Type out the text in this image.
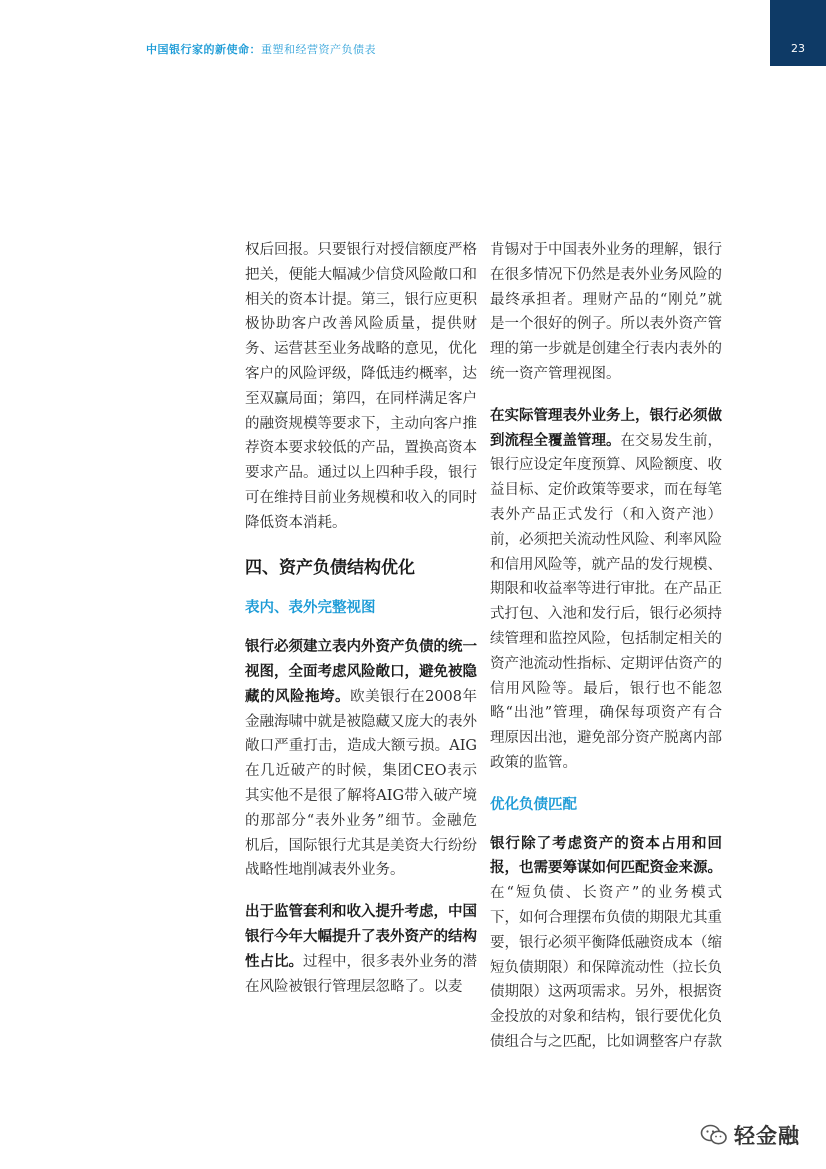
中国银行家的新使命：重塑和经营资产负债表	23

权后回报。只要银行对授信额度严格把关，便能大幅减少信贷风险敞口和相关的资本计提。第三，银行应更积极协助客户改善风险质量，提供财务、运营甚至业务战略的意见，优化客户的风险评级，降低违约概率，达至双赢局面；第四，在同样满足客户的融资规模等要求下，主动向客户推荐资本要求较低的产品，置换高资本要求产品。通过以上四种手段，银行可在维持目前业务规模和收入的同时降低资本消耗。

四、资产负债结构优化
表内、表外完整视图

银行必须建立表内外资产负债的统一视图，全面考虑风险敞口，避免被隐藏的风险拖垮。欧美银行在2008年金融海啸中就是被隐藏又庞大的表外敞口严重打击，造成大额亏损。AIG在几近破产的时候，集团CEO表示其实他不是很了解将AIG带入破产境的那部分“表外业务”细节。金融危机后，国际银行尤其是美资大行纷纷战略性地削减表外业务。

出于监管套利和收入提升考虑，中国银行今年大幅提升了表外资产的结构性占比。过程中，很多表外业务的潜在风险被银行管理层忽略了。以麦

肯锡对于中国表外业务的理解，银行在很多情况下仍然是表外业务风险的最终承担者。理财产品的“刚兑”就是一个很好的例子。所以表外资产管理的第一步就是创建全行表内表外的统一资产管理视图。

在实际管理表外业务上，银行必须做到流程全覆盖管理。在交易发生前，银行应设定年度预算、风险额度、收益目标、定价政策等要求，而在每笔表外产品正式发行（和入资产池）前，必须把关流动性风险、利率风险和信用风险等，就产品的发行规模、期限和收益率等进行审批。在产品正式打包、入池和发行后，银行必须持续管理和监控风险，包括制定相关的资产池流动性指标、定期评估资产的信用风险等。最后，银行也不能忽略“出池”管理，确保每项资产有合理原因出池，避免部分资产脱离内部政策的监管。

优化负债匹配

银行除了考虑资产的资本占用和回报，也需要筹谋如何匹配资金来源。在“短负债、长资产”的业务模式下，如何合理摆布负债的期限尤其重要，银行必须平衡降低融资成本（缩短负债期限）和保障流动性（拉长负债期限）这两项需求。另外，根据资金投放的对象和结构，银行要优化负债组合与之匹配，比如调整客户存款

轻金融
